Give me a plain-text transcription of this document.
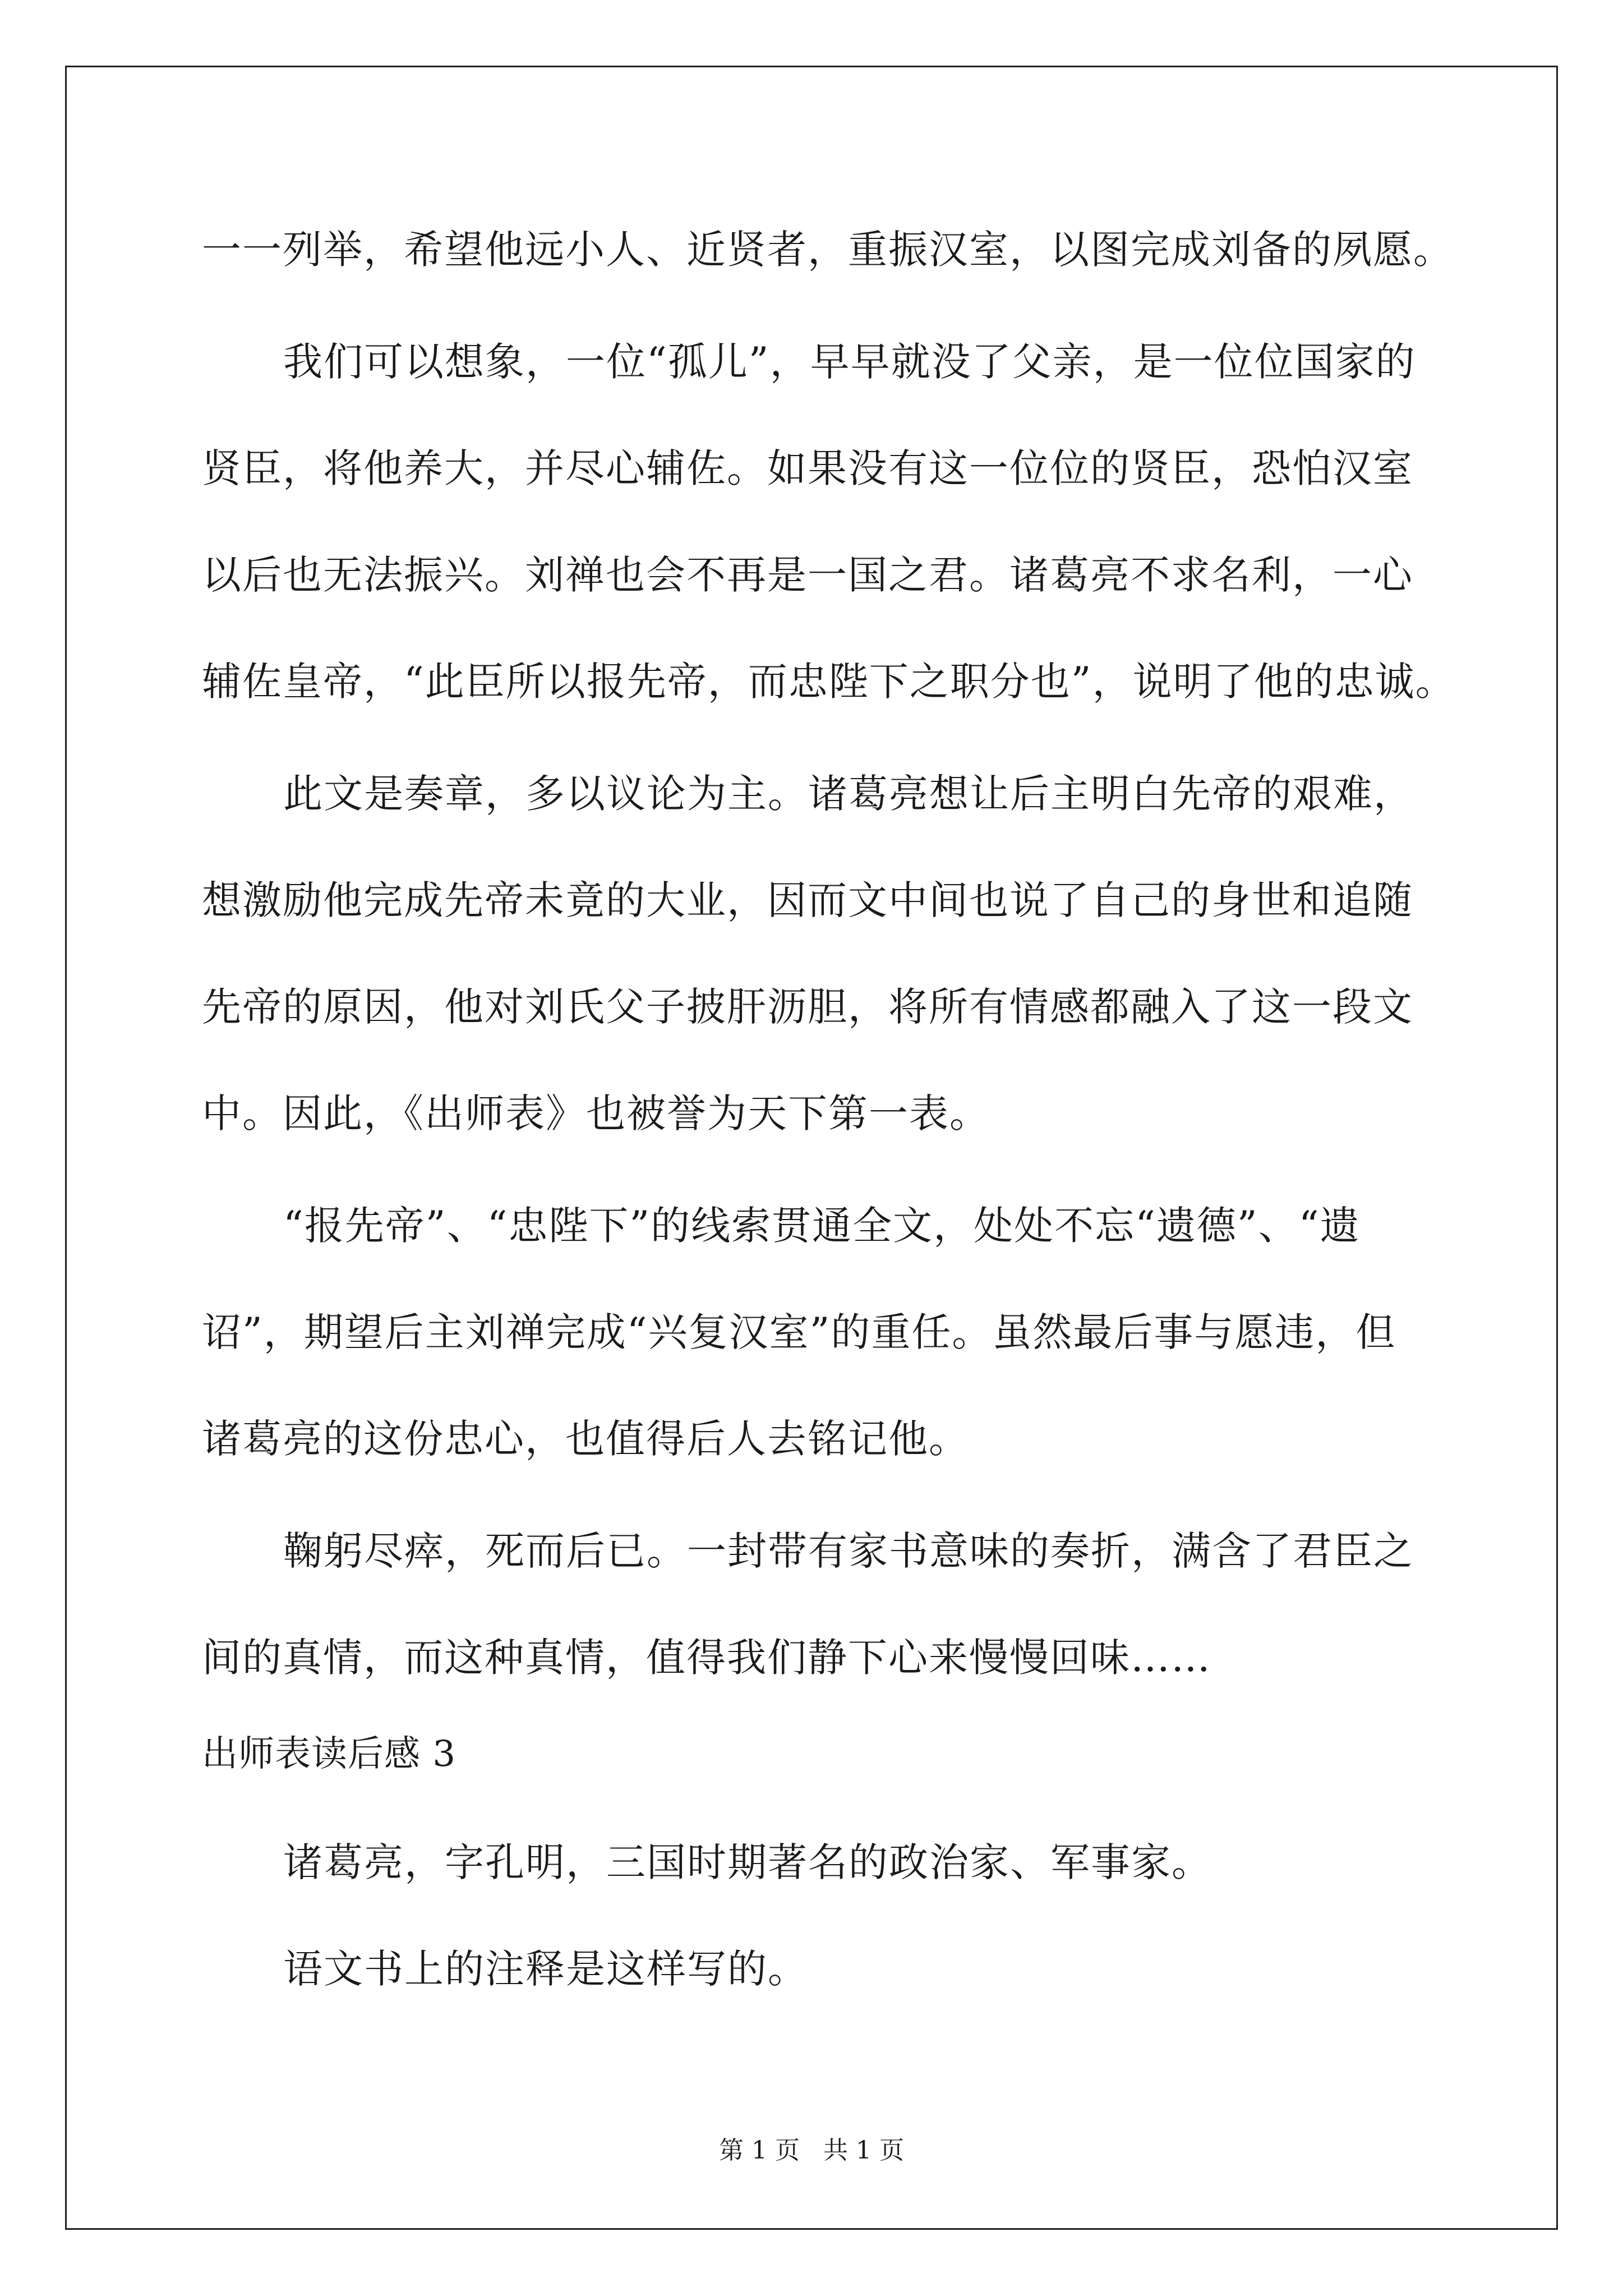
一一列举，希望他远小人、近贤者，重振汉室，以图完成刘备的夙愿。
我们可以想象，一位“孤儿”，早早就没了父亲，是一位位国家的
贤臣，将他养大，并尽心辅佐。如果没有这一位位的贤臣，恐怕汉室
以后也无法振兴。刘禅也会不再是一国之君。诸葛亮不求名利，一心
辅佐皇帝，“此臣所以报先帝，而忠陛下之职分也”，说明了他的忠诚。
此文是奏章，多以议论为主。诸葛亮想让后主明白先帝的艰难，
想激励他完成先帝未竟的大业，因而文中间也说了自己的身世和追随
先帝的原因，他对刘氏父子披肝沥胆，将所有情感都融入了这一段文
中。因此，《出师表》也被誉为天下第一表。
“报先帝”、“忠陛下”的线索贯通全文，处处不忘“遗德”、“遗
诏”，期望后主刘禅完成“兴复汉室”的重任。虽然最后事与愿违，但
诸葛亮的这份忠心，也值得后人去铭记他。
鞠躬尽瘁，死而后已。一封带有家书意味的奏折，满含了君臣之
间的真情，而这种真情，值得我们静下心来慢慢回味……
出师表读后感 3
诸葛亮，字孔明，三国时期著名的政治家、军事家。
语文书上的注释是这样写的。
第 1 页   共 1 页
